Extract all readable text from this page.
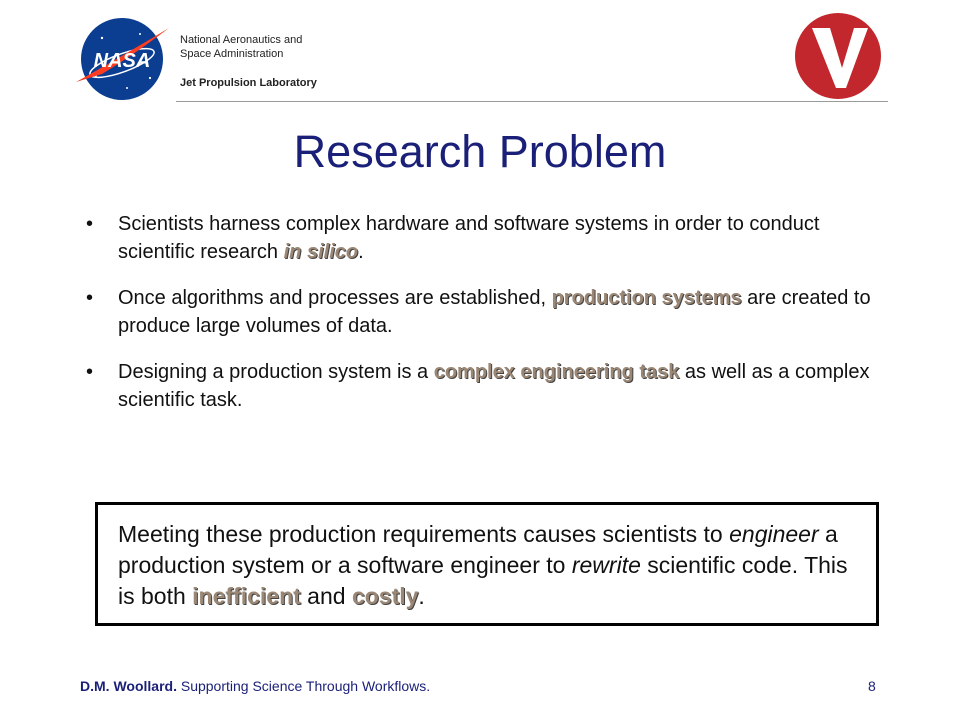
NASA
National Aeronautics and
Space Administration
Jet Propulsion Laboratory
Research Problem
• Scientists harness complex hardware and software systems in order to conduct scientific research in silico.
• Once algorithms and processes are established, production systems are created to produce large volumes of data.
• Designing a production system is a complex engineering task as well as a complex scientific task.
Meeting these production requirements causes scientists to engineer a production system or a software engineer to rewrite scientific code. This is both inefficient and costly.
D.M. Woollard. Supporting Science Through Workflows.	8
